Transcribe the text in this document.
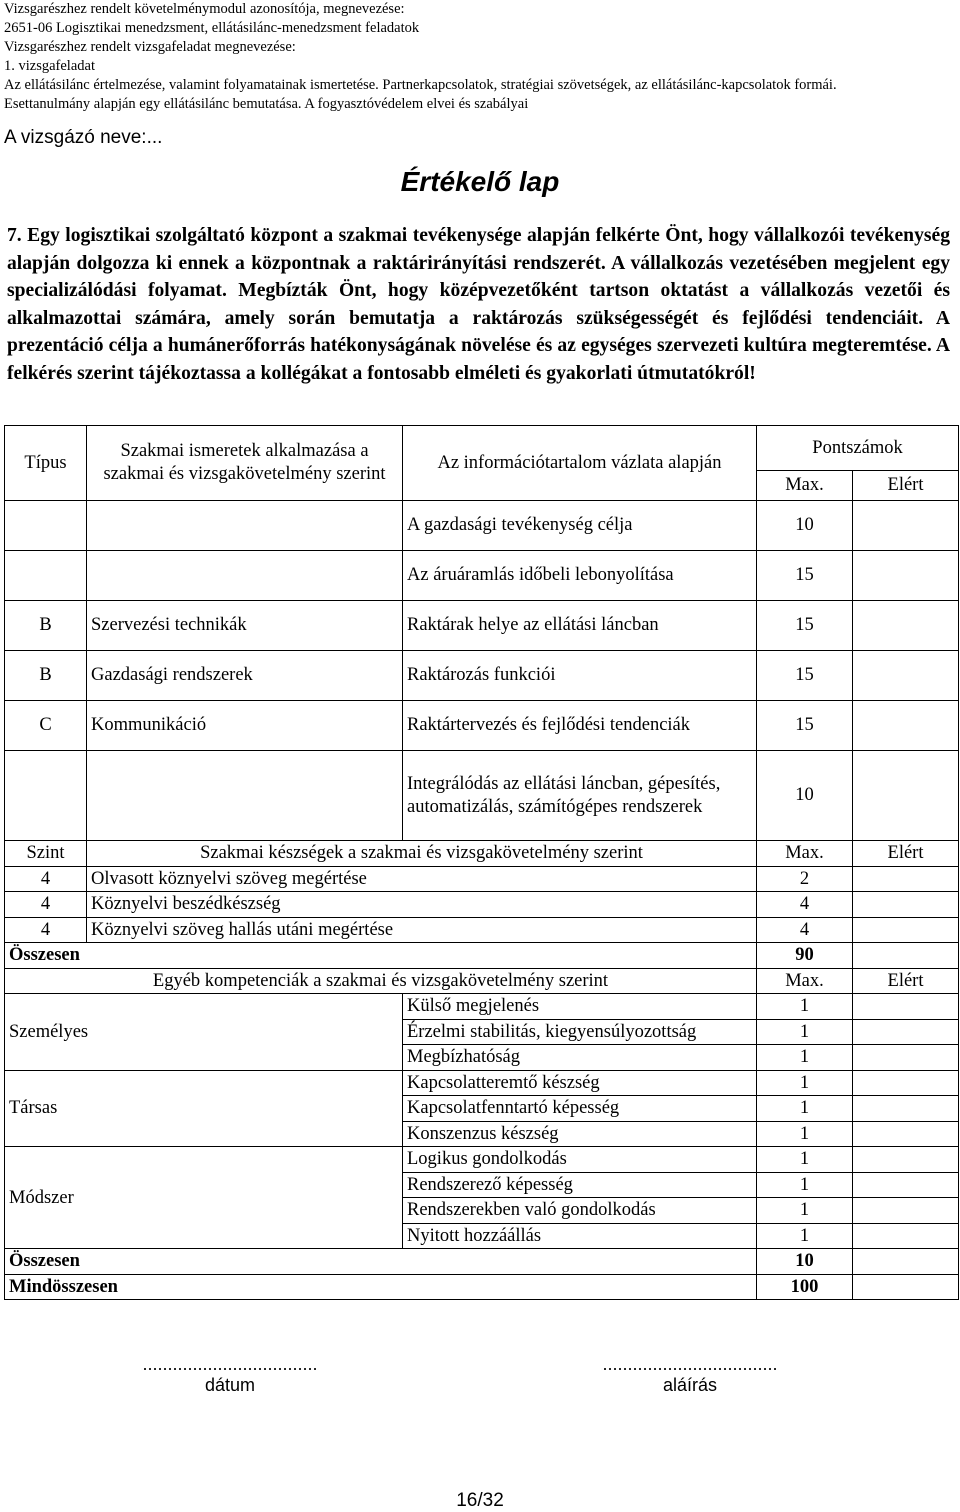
Vizsgarészhez rendelt követelménymodul azonosítója, megnevezése:
2651-06 Logisztikai menedzsment, ellátásilánc-menedzsment feladatok
Vizsgarészhez rendelt vizsgafeladat megnevezése:
1. vizsgafeladat
Az ellátásilánc értelmezése, valamint folyamatainak ismertetése. Partnerkapcsolatok, stratégiai szövetségek, az ellátásilánc-kapcsolatok formái.
Esettanulmány alapján egy ellátásilánc bemutatása. A fogyasztóvédelem elvei és szabályai
A vizsgázó neve:...
Értékelő lap
7. Egy logisztikai szolgáltató központ a szakmai tevékenysége alapján felkérte Önt, hogy vállalkozói tevékenység alapján dolgozza ki ennek a központnak a raktárirányítási rendszerét. A vállalkozás vezetésében megjelent egy specializálódási folyamat. Megbízták Önt, hogy középvezetőként tartson oktatást a vállalkozás vezetői és alkalmazottai számára, amely során bemutatja a raktározás szükségességét és fejlődési tendenciáit. A prezentáció célja a humánerőforrás hatékonyságának növelése és az egységes szervezeti kultúra megteremtése. A felkérés szerint tájékoztassa a kollégákat a fontosabb elméleti és gyakorlati útmutatókról!
Típus	Szakmai ismeretek alkalmazása a szakmai és vizsgakövetelmény szerint	Az információtartalom vázlata alapján	Pontszámok	
			Max.	Elért
		A gazdasági tevékenység célja	10	
		Az áruáramlás időbeli lebonyolítása	15	
B	Szervezési technikák	Raktárak helye az ellátási láncban	15	
B	Gazdasági rendszerek	Raktározás funkciói	15	
C	Kommunikáció	Raktártervezés és fejlődési tendenciák	15	
		Integrálódás az ellátási láncban, gépesítés, automatizálás, számítógépes rendszerek	10	
Szint	Szakmai készségek a szakmai és vizsgakövetelmény szerint		Max.	Elért
4	Olvasott köznyelvi szöveg megértése		2	
4	Köznyelvi beszédkészség		4	
4	Köznyelvi szöveg hallás utáni megértése		4	
Összesen			90	
Egyéb kompetenciák a szakmai és vizsgakövetelmény szerint			Max.	Elért
Személyes		Külső megjelenés	1	
		Érzelmi stabilitás, kiegyensúlyozottság	1	
		Megbízhatóság	1	
Társas		Kapcsolatteremtő készség	1	
		Kapcsolatfenntartó képesség	1	
		Konszenzus készség	1	
Módszer		Logikus gondolkodás	1	
		Rendszerező képesség	1	
		Rendszerekben való gondolkodás	1	
		Nyitott hozzáállás	1	
Összesen			10	
Mindösszesen			100	
...................................
dátum
...................................
aláírás
16/32
